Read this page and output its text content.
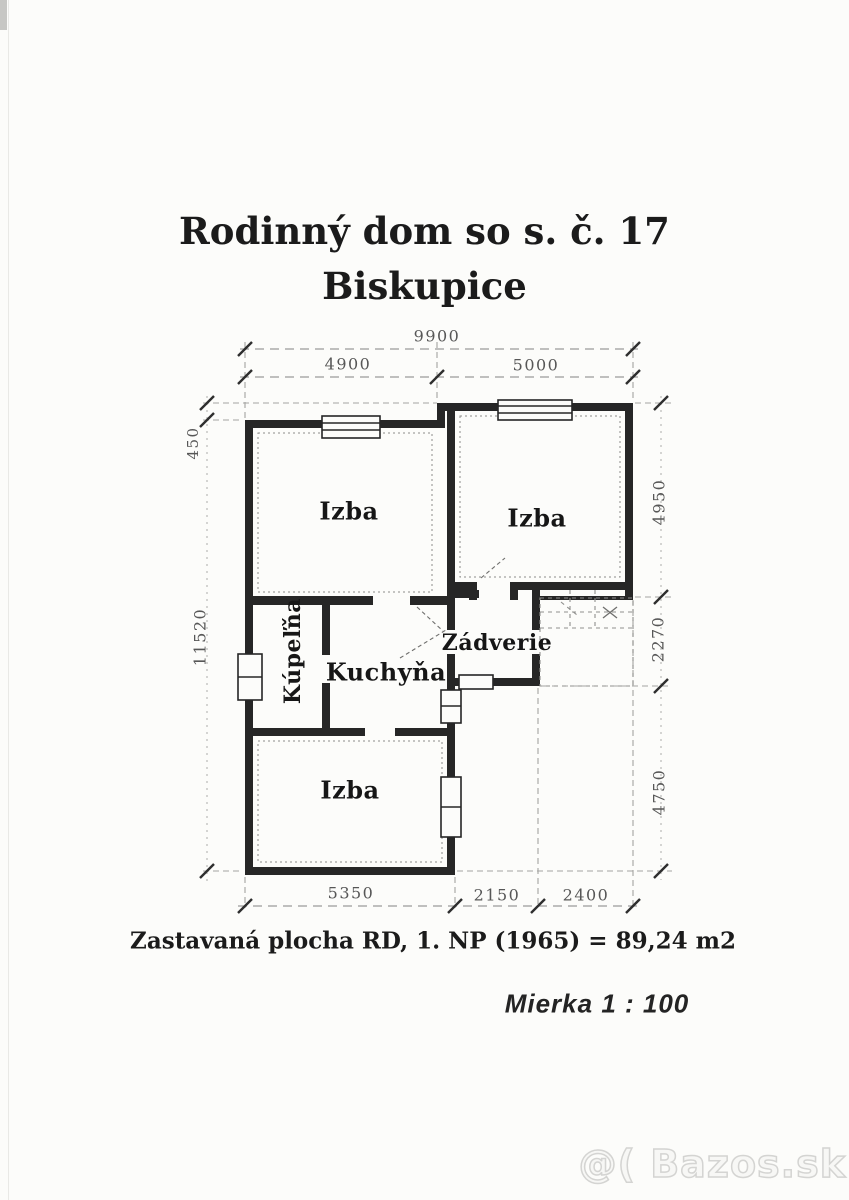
Rodinný dom so s. č. 17
Biskupice
9900
4900	5000
450
11520
4950
2270
4750
5350	2150	2400
Izba	Izba
Kúpeľňa Kuchyňa
Zádverie
Izba
Zastavaná plocha RD, 1. NP (1965) = 89,24 m2
Mierka 1 : 100
@( Bazos.sk
